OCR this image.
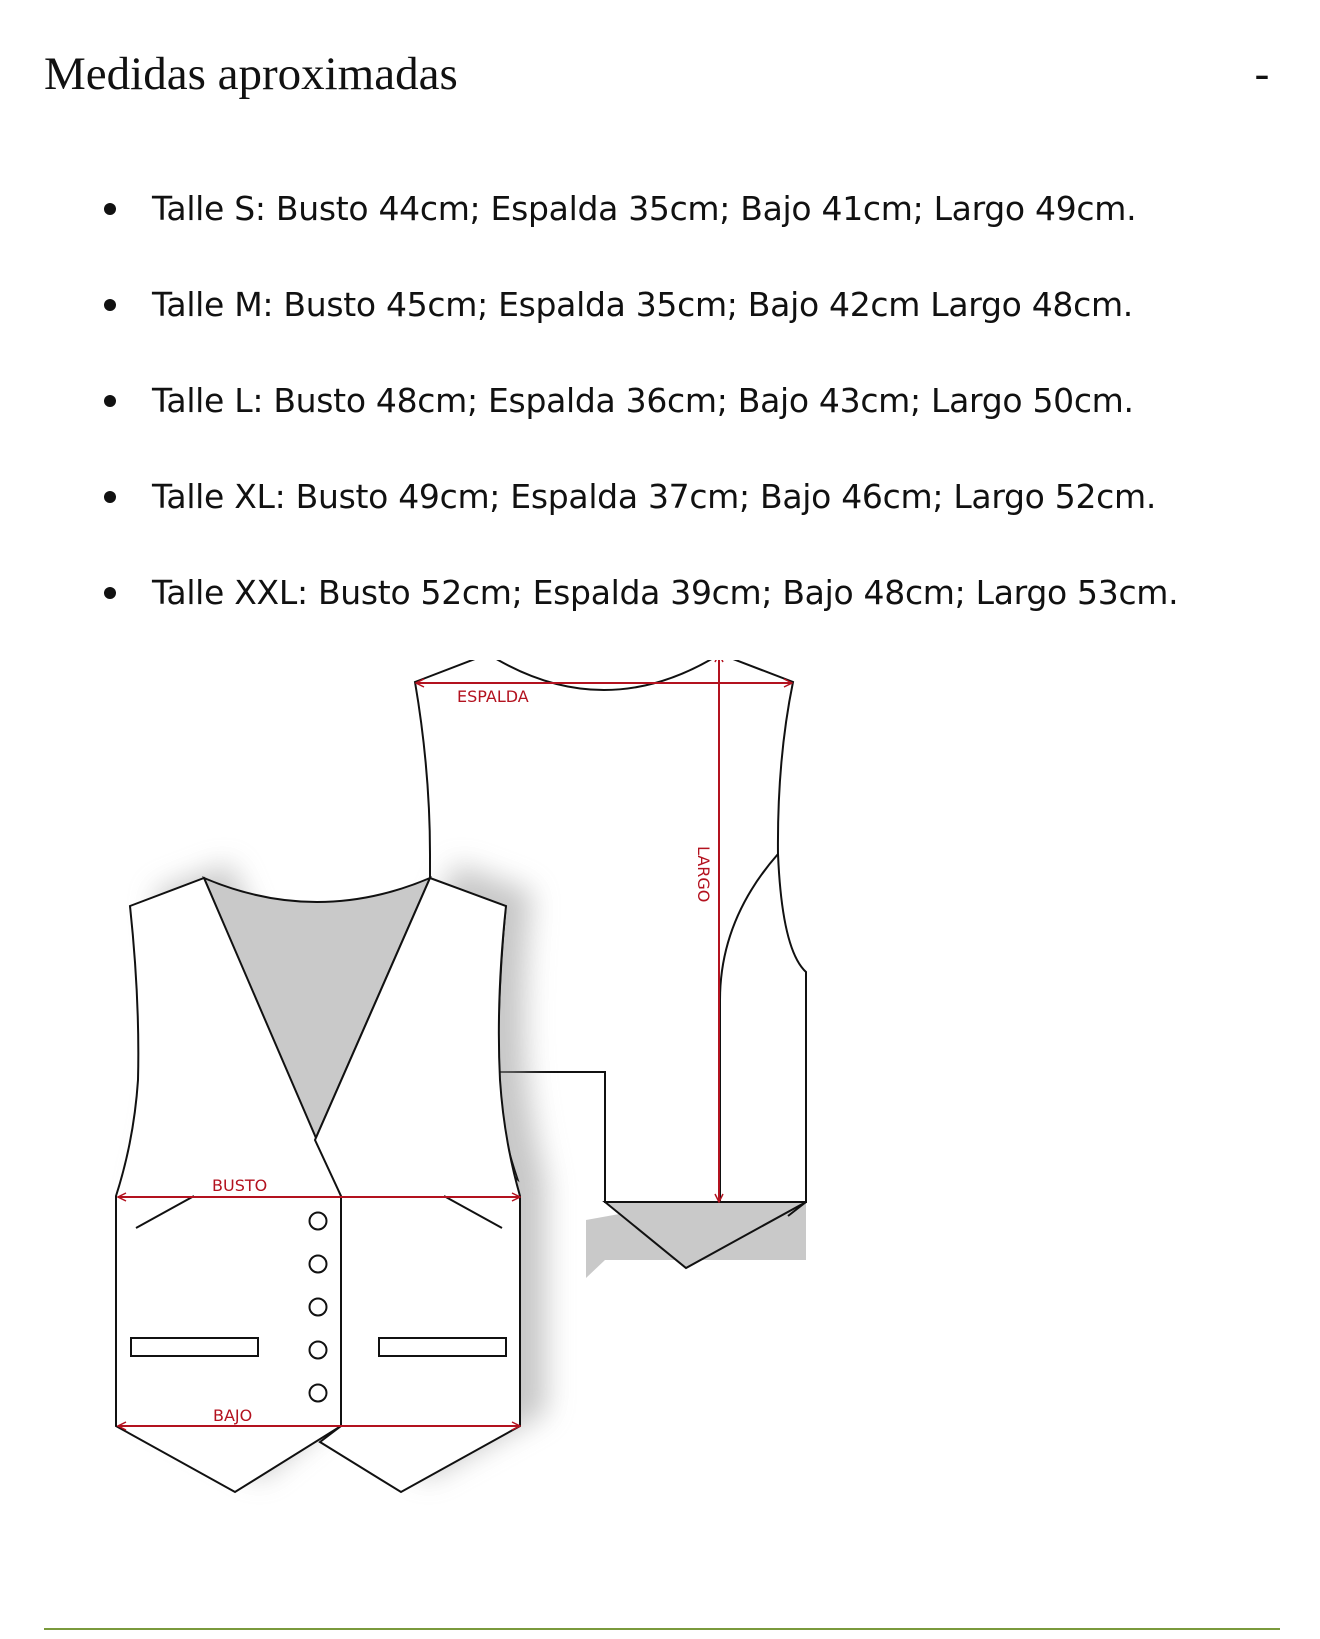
Medidas aproximadas	-
Talle S: Busto 44cm; Espalda 35cm; Bajo 41cm; Largo 49cm.
Talle M: Busto 45cm; Espalda 35cm; Bajo 42cm Largo 48cm.
Talle L: Busto 48cm; Espalda 36cm; Bajo 43cm; Largo 50cm.
Talle XL: Busto 49cm; Espalda 37cm; Bajo 46cm; Largo 52cm.
Talle XXL: Busto 52cm; Espalda 39cm; Bajo 48cm; Largo 53cm.
ESPALDA
LARGO
BUSTO
BAJO
